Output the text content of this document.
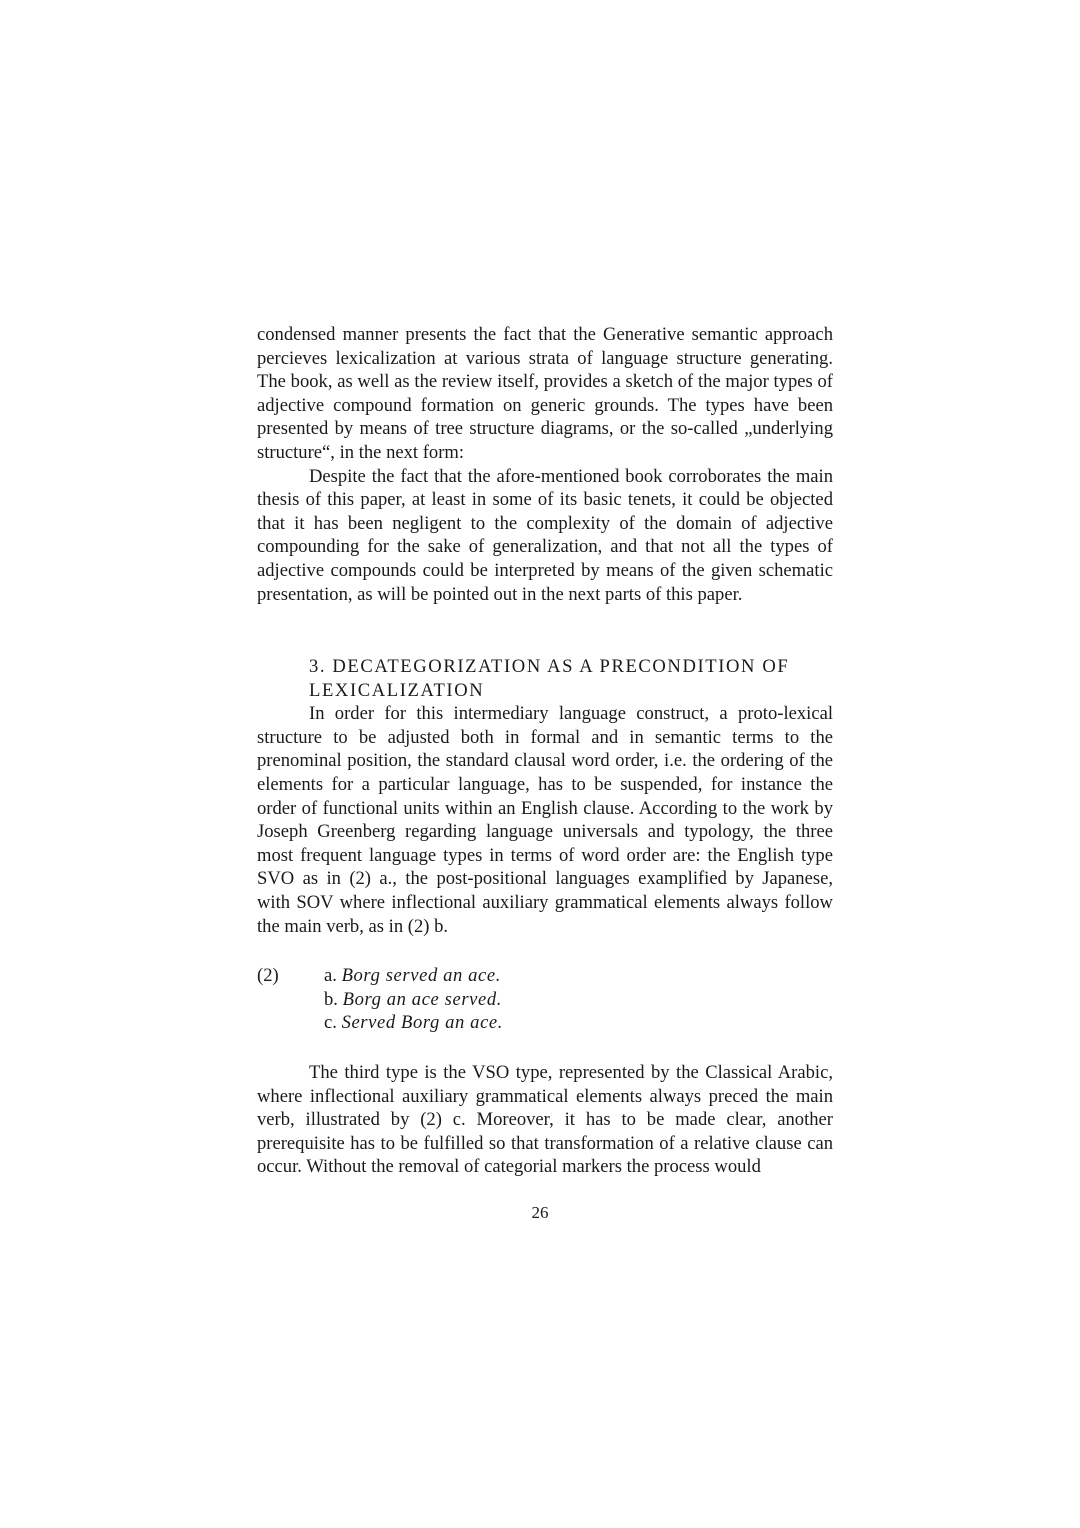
condensed manner presents the fact that the Generative semantic approach percieves lexicalization at various strata of language structure generating. The book, as well as the review itself, provides a sketch of the major types of adjective compound formation on generic grounds. The types have been presented by means of tree structure diagrams, or the so-called „underlying structure“, in the next form:

Despite the fact that the afore-mentioned book corroborates the main thesis of this paper, at least in some of its basic tenets, it could be objected that it has been negligent to the complexity of the domain of adjective compounding for the sake of generalization, and that not all the types of adjective compounds could be interpreted by means of the given schematic presentation, as will be pointed out in the next parts of this paper.

3. DECATEGORIZATION AS A PRECONDITION OF
LEXICALIZATION

In order for this intermediary language construct, a proto-lexical structure to be adjusted both in formal and in semantic terms to the prenominal position, the standard clausal word order, i.e. the ordering of the elements for a particular language, has to be suspended, for instance the order of functional units within an English clause. According to the work by Joseph Greenberg regarding language universals and typology, the three most frequent language types in terms of word order are: the English type SVO as in (2) a., the post-positional languages examplified by Japanese, with SOV where inflectional auxiliary grammatical elements always follow the main verb, as in (2) b.

(2) a. Borg served an ace.
b. Borg an ace served.
c. Served Borg an ace.

The third type is the VSO type, represented by the Classical Arabic, where inflectional auxiliary grammatical elements always preced the main verb, illustrated by (2) c. Moreover, it has to be made clear, another prerequisite has to be fulfilled so that transformation of a relative clause can occur. Without the removal of categorial markers the process would

26
